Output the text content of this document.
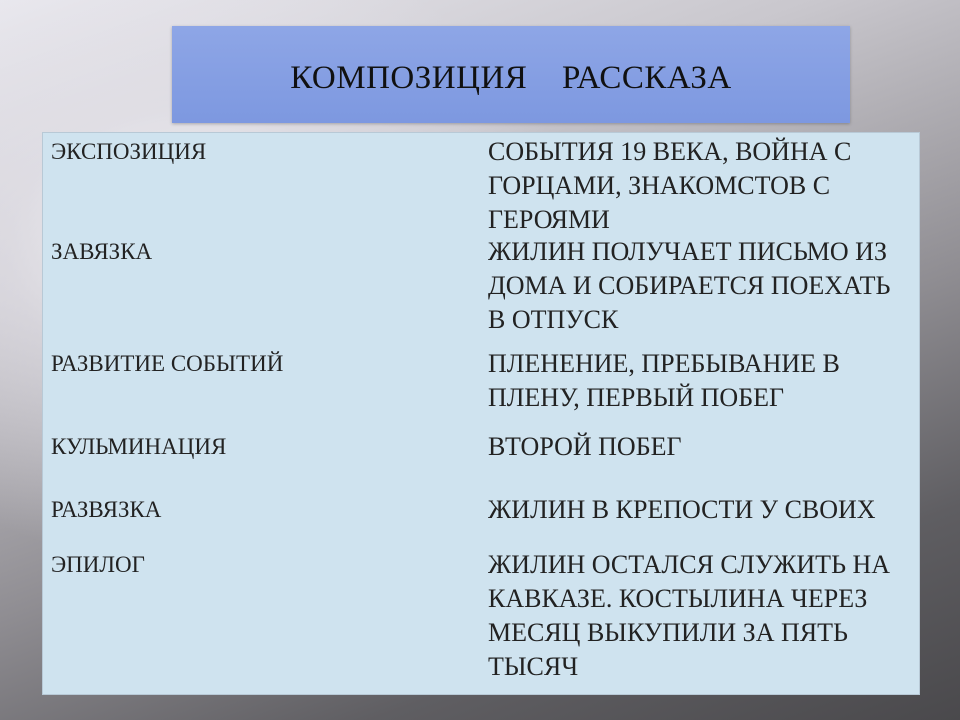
КОМПОЗИЦИЯ РАССКАЗА
ЭКСПОЗИЦИЯ	СОБЫТИЯ 19 ВЕКА, ВОЙНА С ГОРЦАМИ, ЗНАКОМСТОВ С ГЕРОЯМИ
ЗАВЯЗКА	ЖИЛИН ПОЛУЧАЕТ ПИСЬМО ИЗ ДОМА И СОБИРАЕТСЯ ПОЕХАТЬ В ОТПУСК
РАЗВИТИЕ СОБЫТИЙ	ПЛЕНЕНИЕ, ПРЕБЫВАНИЕ В ПЛЕНУ, ПЕРВЫЙ ПОБЕГ
КУЛЬМИНАЦИЯ	ВТОРОЙ ПОБЕГ
РАЗВЯЗКА	ЖИЛИН В КРЕПОСТИ У СВОИХ
ЭПИЛОГ	ЖИЛИН ОСТАЛСЯ СЛУЖИТЬ НА КАВКАЗЕ. КОСТЫЛИНА ЧЕРЕЗ МЕСЯЦ ВЫКУПИЛИ ЗА ПЯТЬ ТЫСЯЧ
